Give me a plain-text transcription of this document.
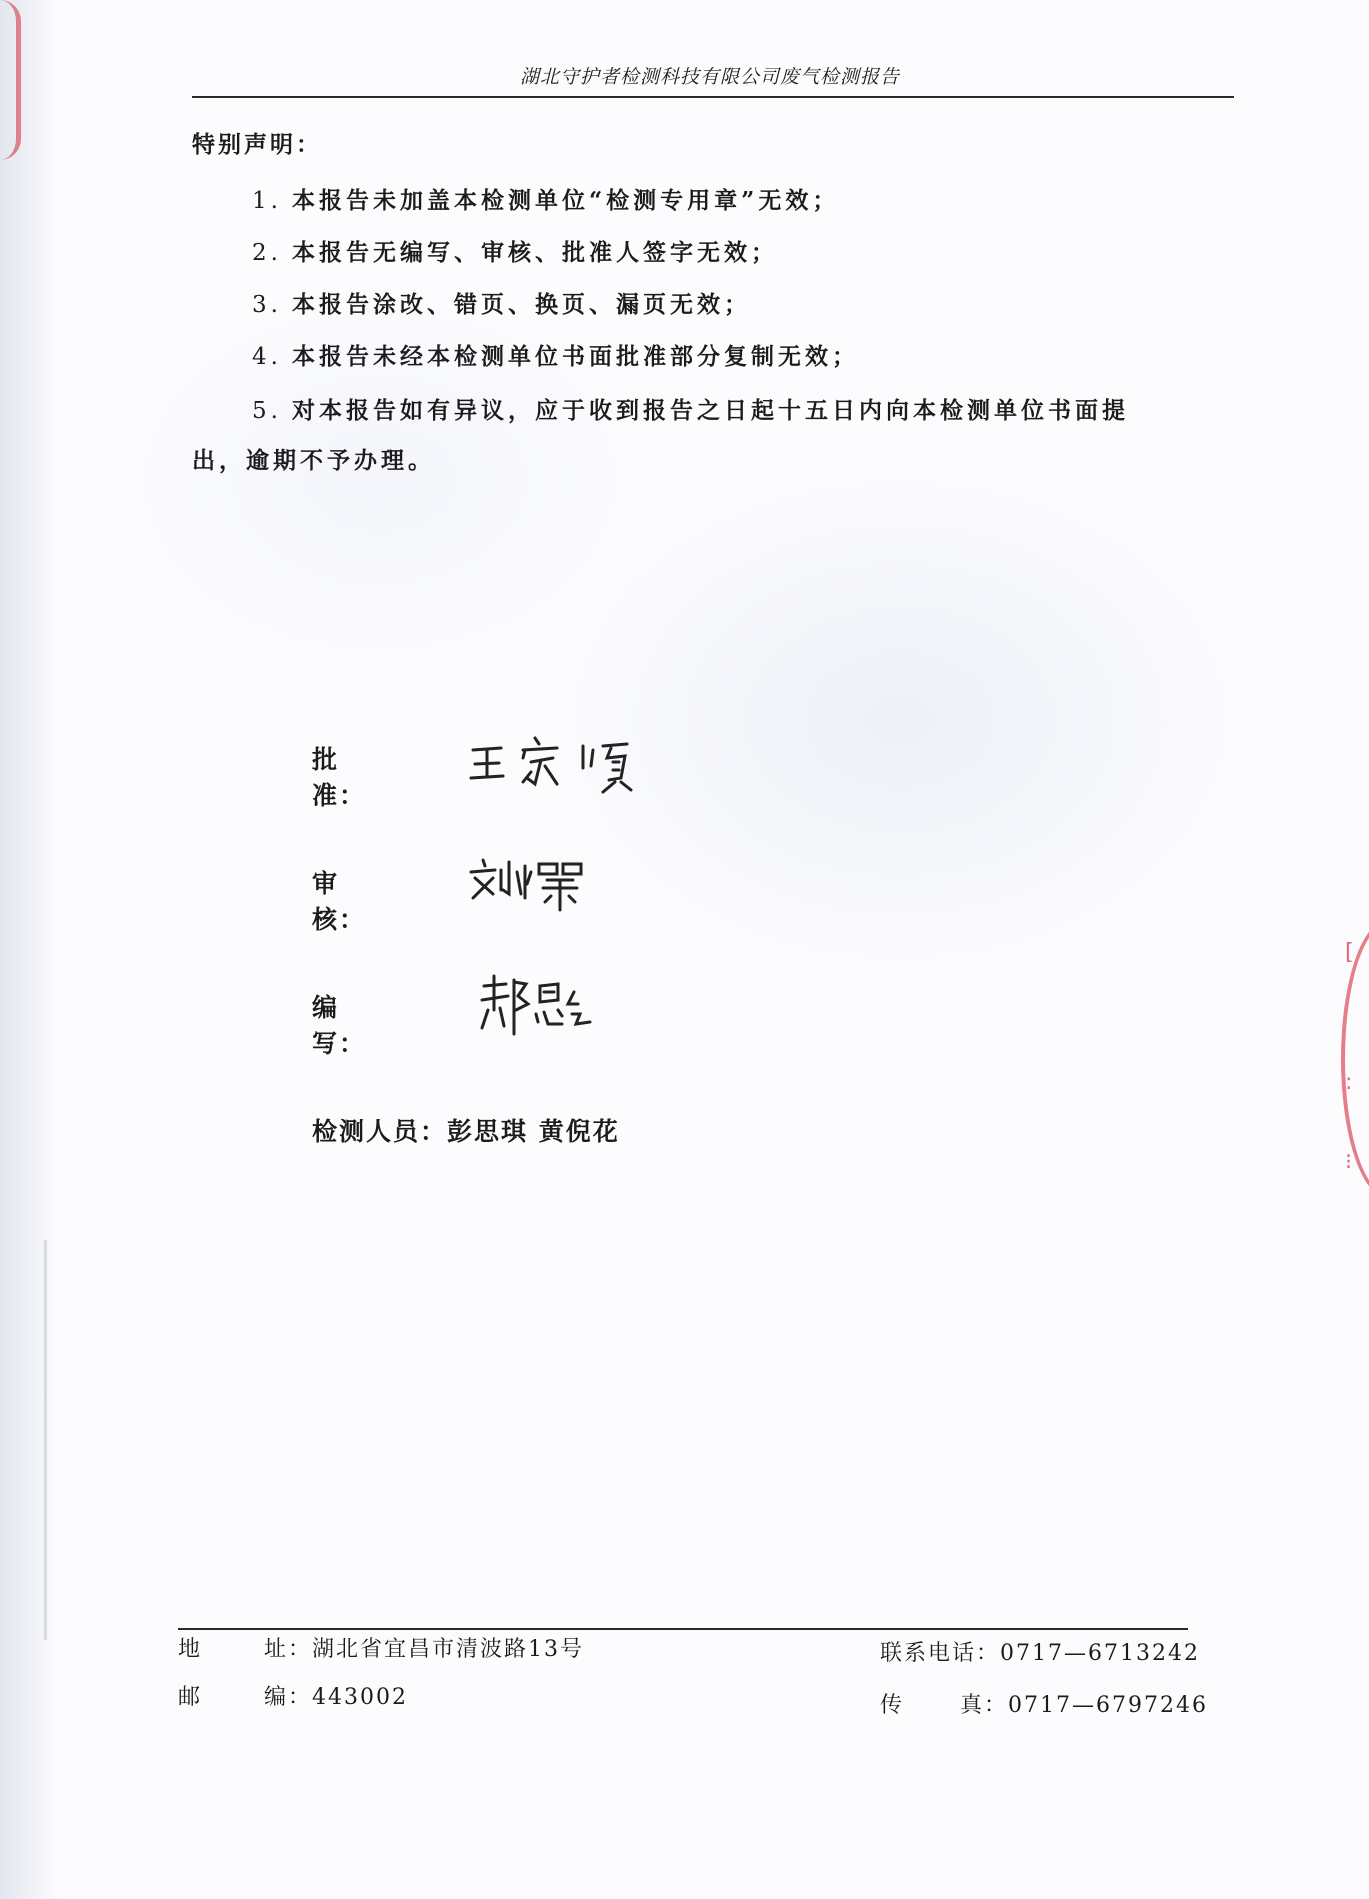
[
:
⁝
湖北守护者检测科技有限公司废气检测报告
特别声明：
1. 本报告未加盖本检测单位“检测专用章”无效；
2. 本报告无编写、审核、批准人签字无效；
3. 本报告涂改、错页、换页、漏页无效；
4. 本报告未经本检测单位书面批准部分复制无效；
5. 对本报告如有异议，应于收到报告之日起十五日内向本检测单位书面提
出，逾期不予办理。
批准：
审核：
编写：
检测人员：彭思琪 黄倪花
地	址：湖北省宜昌市清波路13号
邮	编：443002
联系电话：0717—6713242
传	真：0717—6797246
